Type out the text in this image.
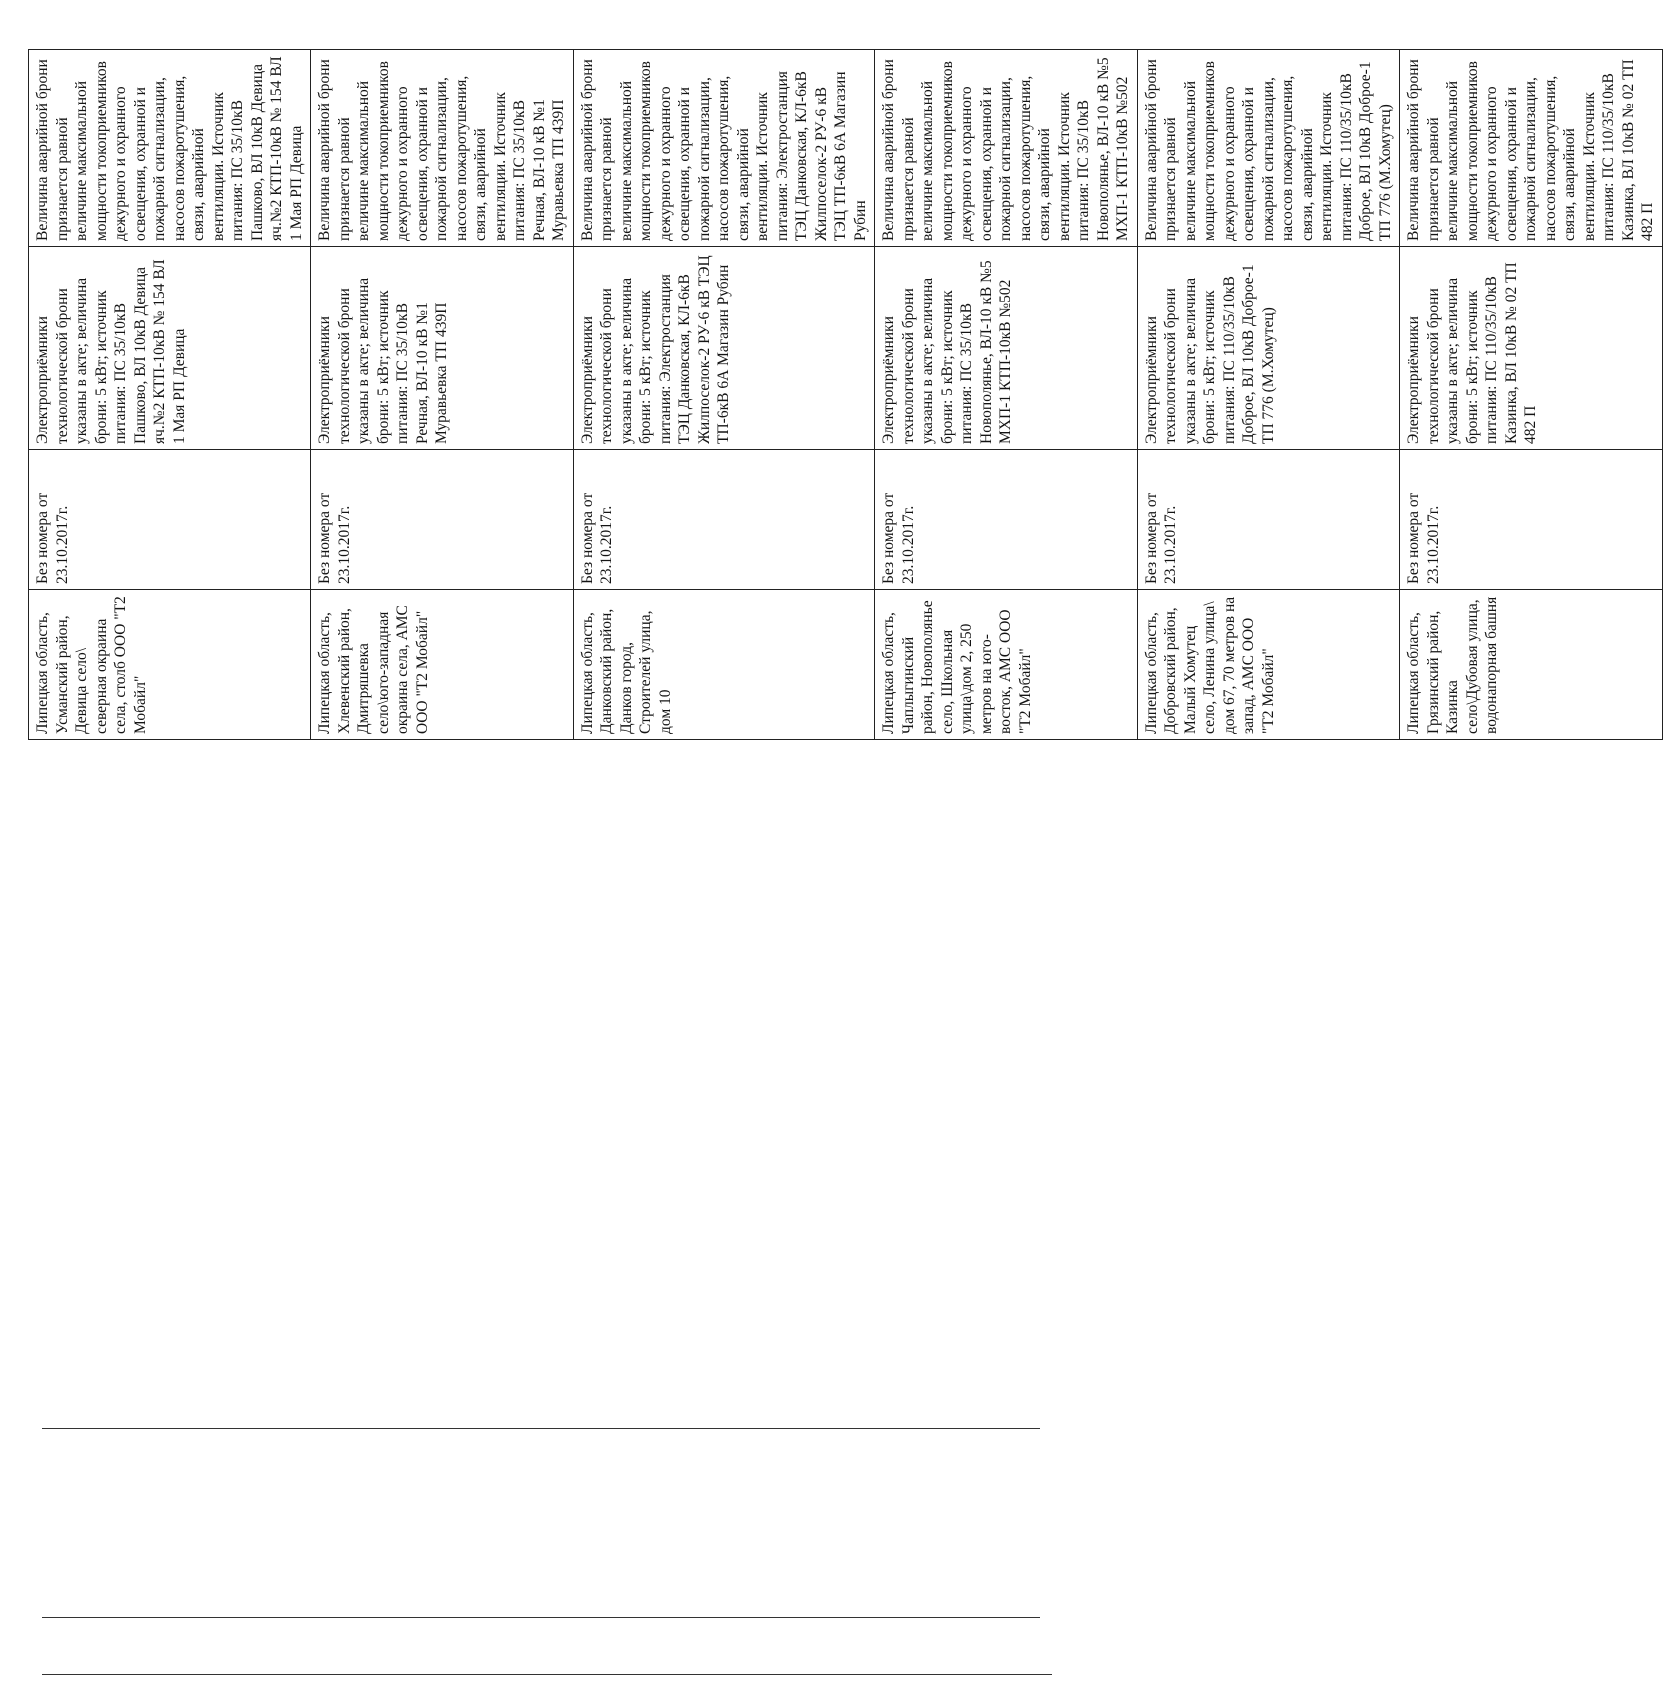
Липецкая область, Усманский район, Девица село\ северная окраина села, столб ООО "Т2 Мобайл"	Без номера от 23.10.2017г.	Электроприёмники технологической брони указаны в акте; величина брони: 5 кВт; источник питания: ПС 35/10кВ Пашково, ВЛ 10кВ Девица яч.№2 КТП-10кВ № 154 ВЛ 1 Мая РП Девица	Величина аварийной брони признается равной величине максимальной мощности токоприемников дежурного и охранного освещения, охранной и пожарной сигнализации, насосов пожаротушения, связи, аварийной вентиляции. Источник питания: ПС 35/10кВ Пашково, ВЛ 10кВ Девица яч.№2 КТП-10кВ № 154 ВЛ 1 Мая РП Девица
Липецкая область, Хлевенский район, Дмитряшевка село\юго-западная окраина села, АМС ООО "Т2 Мобайл"	Без номера от 23.10.2017г.	Электроприёмники технологической брони указаны в акте; величина брони: 5 кВт; источник питания: ПС 35/10кВ Речная, ВЛ-10 кВ №1 Муравьевка ТП 439П	Величина аварийной брони признается равной величине максимальной мощности токоприемников дежурного и охранного освещения, охранной и пожарной сигнализации, насосов пожаротушения, связи, аварийной вентиляции. Источник питания: ПС 35/10кВ Речная, ВЛ-10 кВ №1 Муравьевка ТП 439П
Липецкая область, Данковский район, Данков город, Строителей улица, дом 10	Без номера от 23.10.2017г.	Электроприёмники технологической брони указаны в акте; величина брони: 5 кВт; источник питания: Электростанция ТЭЦ Данковская, КЛ-6кВ Жилпоселок-2 РУ-6 кВ ТЭЦ ТП-6кВ 6А Магазин Рубин	Величина аварийной брони признается равной величине максимальной мощности токоприемников дежурного и охранного освещения, охранной и пожарной сигнализации, насосов пожаротушения, связи, аварийной вентиляции. Источник питания: Электростанция ТЭЦ Данковская, КЛ-6кВ Жилпоселок-2 РУ-6 кВ ТЭЦ ТП-6кВ 6А Магазин Рубин
Липецкая область, Чаплыгинский район, Новополянье село, Школьная улица\дом 2, 250 метров на юго-восток, АМС ООО "Т2 Мобайл"	Без номера от 23.10.2017г.	Электроприёмники технологической брони указаны в акте; величина брони: 5 кВт; источник питания: ПС 35/10кВ Новополянье, ВЛ-10 кВ №5 МХП-1 КТП-10кВ №502	Величина аварийной брони признается равной величине максимальной мощности токоприемников дежурного и охранного освещения, охранной и пожарной сигнализации, насосов пожаротушения, связи, аварийной вентиляции. Источник питания: ПС 35/10кВ Новополянье, ВЛ-10 кВ №5 МХП-1 КТП-10кВ №502
Липецкая область, Добровский район, Малый Хомутец село, Ленина улица\ дом 67, 70 метров на запад, АМС ООО "Т2 Мобайл"	Без номера от 23.10.2017г.	Электроприёмники технологической брони указаны в акте; величина брони: 5 кВт; источник питания: ПС 110/35/10кВ Доброе, ВЛ 10кВ Доброе-1 ТП 776 (М.Хомутец)	Величина аварийной брони признается равной величине максимальной мощности токоприемников дежурного и охранного освещения, охранной и пожарной сигнализации, насосов пожаротушения, связи, аварийной вентиляции. Источник питания: ПС 110/35/10кВ Доброе, ВЛ 10кВ Доброе-1 ТП 776 (М.Хомутец)
Липецкая область, Грязинский район, Казинка село\Дубовая улица, водонапорная башня	Без номера от 23.10.2017г.	Электроприёмники технологической брони указаны в акте; величина брони: 5 кВт; источник питания: ПС 110/35/10кВ Казинка, ВЛ 10кВ № 02 ТП 482 П	Величина аварийной брони признается равной величине максимальной мощности токоприемников дежурного и охранного освещения, охранной и пожарной сигнализации, насосов пожаротушения, связи, аварийной вентиляции. Источник питания: ПС 110/35/10кВ Казинка, ВЛ 10кВ № 02 ТП 482 П
